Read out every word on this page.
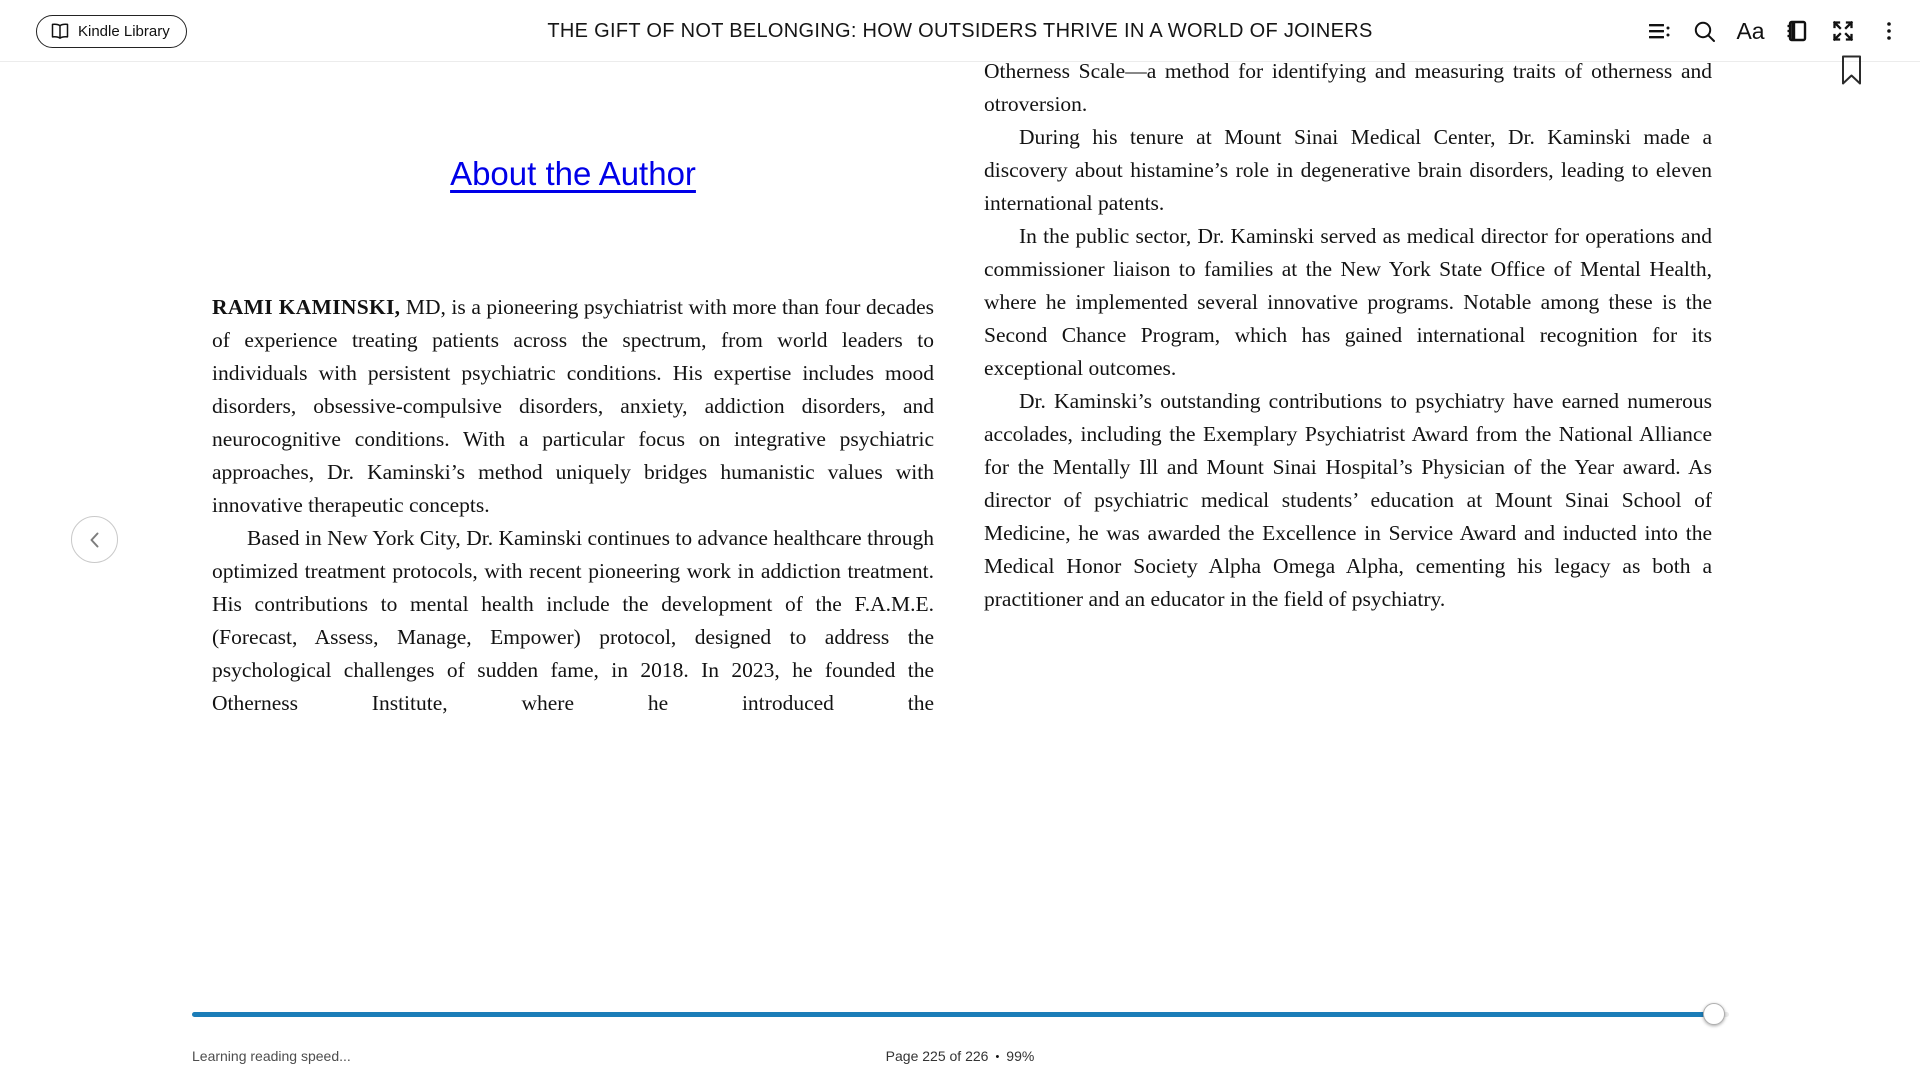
THE GIFT OF NOT BELONGING: HOW OUTSIDERS THRIVE IN A WORLD OF JOINERS
Kindle Library	Aa
About the Author

RAMI KAMINSKI, MD, is a pioneering psychiatrist with more than four decades of experience treating patients across the spectrum, from world leaders to individuals with persistent psychiatric conditions. His expertise includes mood disorders, obsessive-compulsive disorders, anxiety, addiction disorders, and neurocognitive conditions. With a particular focus on integrative psychiatric approaches, Dr. Kaminski’s method uniquely bridges humanistic values with innovative therapeutic concepts.

Based in New York City, Dr. Kaminski continues to advance healthcare through optimized treatment protocols, with recent pioneering work in addiction treatment. His contributions to mental health include the development of the F.A.M.E. (Forecast, Assess, Manage, Empower) protocol, designed to address the psychological challenges of sudden fame, in 2018. In 2023, he founded the Otherness Institute, where he introduced the

Otherness Scale—a method for identifying and measuring traits of otherness and otroversion.

During his tenure at Mount Sinai Medical Center, Dr. Kaminski made a discovery about histamine’s role in degenerative brain disorders, leading to eleven international patents.

In the public sector, Dr. Kaminski served as medical director for operations and commissioner liaison to families at the New York State Office of Mental Health, where he implemented several innovative programs. Notable among these is the Second Chance Program, which has gained international recognition for its exceptional outcomes.

Dr. Kaminski’s outstanding contributions to psychiatry have earned numerous accolades, including the Exemplary Psychiatrist Award from the National Alliance for the Mentally Ill and Mount Sinai Hospital’s Physician of the Year award. As director of psychiatric medical students’ education at Mount Sinai School of Medicine, he was awarded the Excellence in Service Award and inducted into the Medical Honor Society Alpha Omega Alpha, cementing his legacy as both a practitioner and an educator in the field of psychiatry.

Learning reading speed...	Page 225 of 226 • 99%
